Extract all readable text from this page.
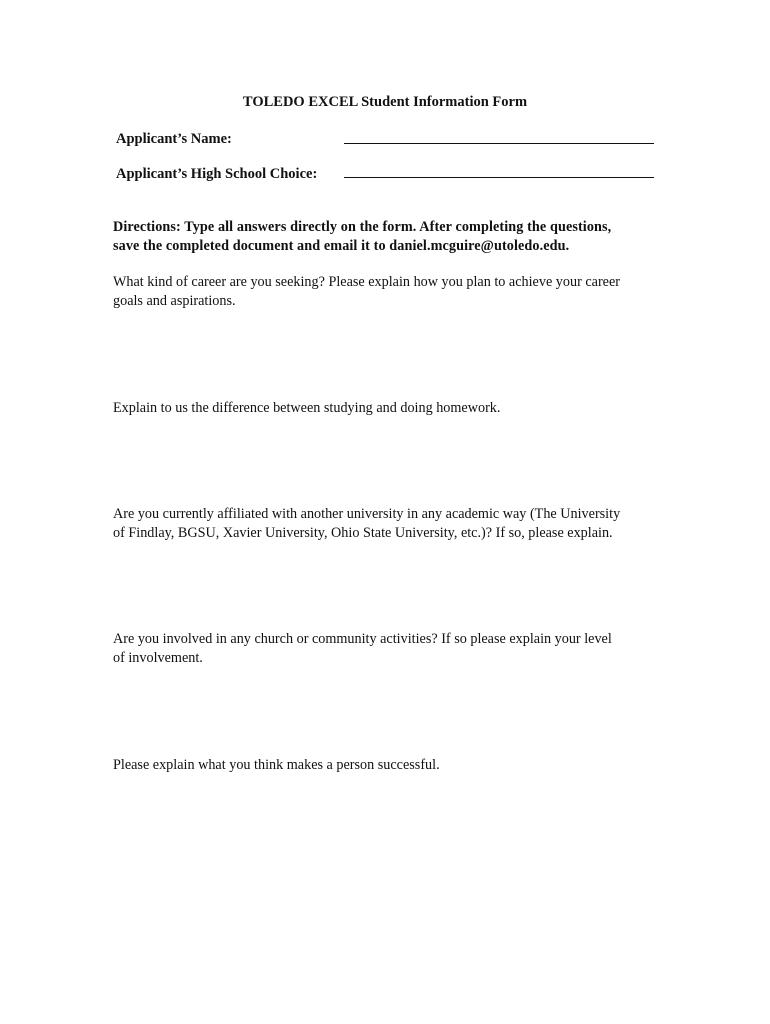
TOLEDO EXCEL Student Information Form
Applicant’s Name:
Applicant’s High School Choice:
Directions: Type all answers directly on the form. After completing the questions,
save the completed document and email it to daniel.mcguire@utoledo.edu.
What kind of career are you seeking? Please explain how you plan to achieve your career
goals and aspirations.
Explain to us the difference between studying and doing homework.
Are you currently affiliated with another university in any academic way (The University
of Findlay, BGSU, Xavier University, Ohio State University, etc.)? If so, please explain.
Are you involved in any church or community activities? If so please explain your level
of involvement.
Please explain what you think makes a person successful.
